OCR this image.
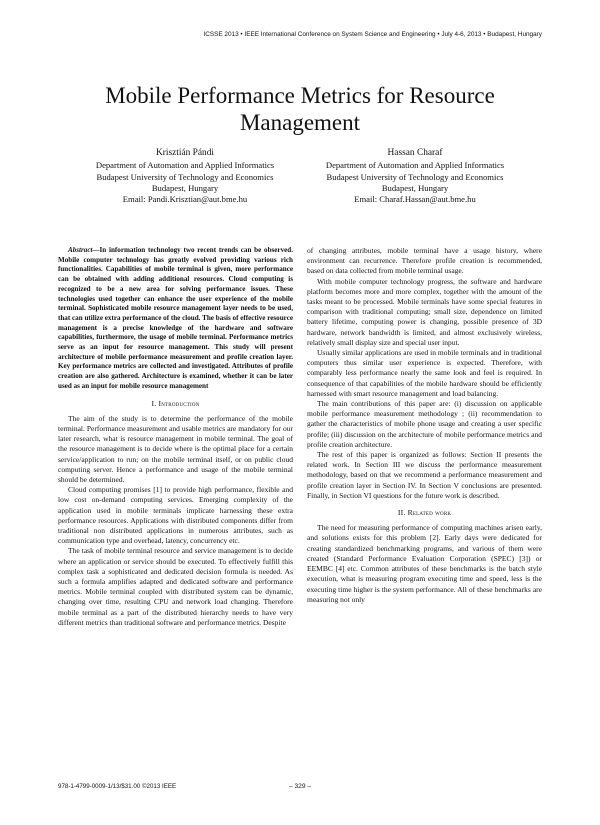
ICSSE 2013 • IEEE International Conference on System Science and Engineering • July 4-6, 2013 • Budapest, Hungary
Mobile Performance Metrics for Resource Management
Krisztián Pándi
Department of Automation and Applied Informatics
Budapest University of Technology and Economics
Budapest, Hungary
Email: Pandi.Krisztian@aut.bme.hu
Hassan Charaf
Department of Automation and Applied Informatics
Budapest University of Technology and Economics
Budapest, Hungary
Email: Charaf.Hassan@aut.bme.hu

Abstract—In information technology two recent trends can be observed. Mobile computer technology has greatly evolved providing various rich functionalities. Capabilities of mobile terminal is given, more performance can be obtained with adding additional resources. Cloud computing is recognized to be a new area for solving performance issues. These technologies used together can enhance the user experience of the mobile terminal. Sophisticated mobile resource management layer needs to be used, that can utilize extra performance of the cloud. The basis of effective resource management is a precise knowledge of the hardware and software capabilities, furthermore, the usage of mobile terminal. Performance metrics serve as an input for resource management. This study will present architecture of mobile performance measurement and profile creation layer. Key performance metrics are collected and investigated. Attributes of profile creation are also gathered. Architecture is examined, whether it can be later used as an input for mobile resource management

I. Introduction

The aim of the study is to determine the performance of the mobile terminal. Performance measurement and usable metrics are mandatory for our later research, what is resource management in mobile terminal. The goal of the resource management is to decide where is the optimal place for a certain service/application to run; on the mobile terminal itself, or on public cloud computing server. Hence a performance and usage of the mobile terminal should be determined.

Cloud computing promises [1] to provide high performance, flexible and low cost on-demand computing services. Emerging complexity of the application used in mobile terminals implicate harnessing these extra performance resources. Applications with distributed components differ from traditional non distributed applications in numerous attributes, such as communication type and overhead, latency, concurrency etc.

The task of mobile terminal resource and service management is to decide where an application or service should be executed. To effectively fulfill this complex task a sophisticated and dedicated decision formula is needed. As such a formula amplifies adapted and dedicated software and performance metrics. Mobile terminal coupled with distributed system can be dynamic, changing over time, resulting CPU and network load changing. Therefore mobile terminal as a part of the distributed hierarchy needs to have very different metrics than traditional software and performance metrics. Despite

of changing attributes, mobile terminal have a usage history, where environment can recurrence. Therefore profile creation is recommended, based on data collected from mobile terminal usage.

With mobile computer technology progress, the software and hardware platform becomes more and more complex, together with the amount of the tasks meant to be processed. Mobile terminals have some special features in comparison with traditional computing; small size, dependence on limited battery lifetime, computing power is changing, possible presence of 3D hardware, network bandwidth is limited, and almost exclusively wireless, relatively small display size and special user input.

Usually similar applications are used in mobile terminals and in traditional computers thus similar user experience is expected. Therefore, with comparably less performance nearly the same look and feel is required. In consequence of that capabilities of the mobile hardware should be efficiently harnessed with smart resource management and load balancing.

The main contributions of this paper are: (i) discussion on applicable mobile performance measurement methodology ; (ii) recommendation to gather the characteristics of mobile phone usage and creating a user specific profile; (iii) discussion on the architecture of mobile performance metrics and profile creation architecture.

The rest of this paper is organized as follows: Section II presents the related work. In Section III we discuss the performance measurement methodology, based on that we recommend a performance measurement and profile creation layer in Section IV. In Section V conclusions are presented. Finally, in Section VI questions for the future work is described.

II. Related work

The need for measuring performance of computing machines arisen early, and solutions exists for this problem [2]. Early days were dedicated for creating standardized benchmarking programs, and various of them were created (Standard Performance Evaluation Corporation (SPEC) [3]) or EEMBC [4] etc. Common attributes of these benchmarks is the batch style execution, what is measuring program executing time and speed, less is the executing time higher is the system performance. All of these benchmarks are measuring not only

978-1-4799-0009-1/13/$31.00 ©2013 IEEE	– 329 –
